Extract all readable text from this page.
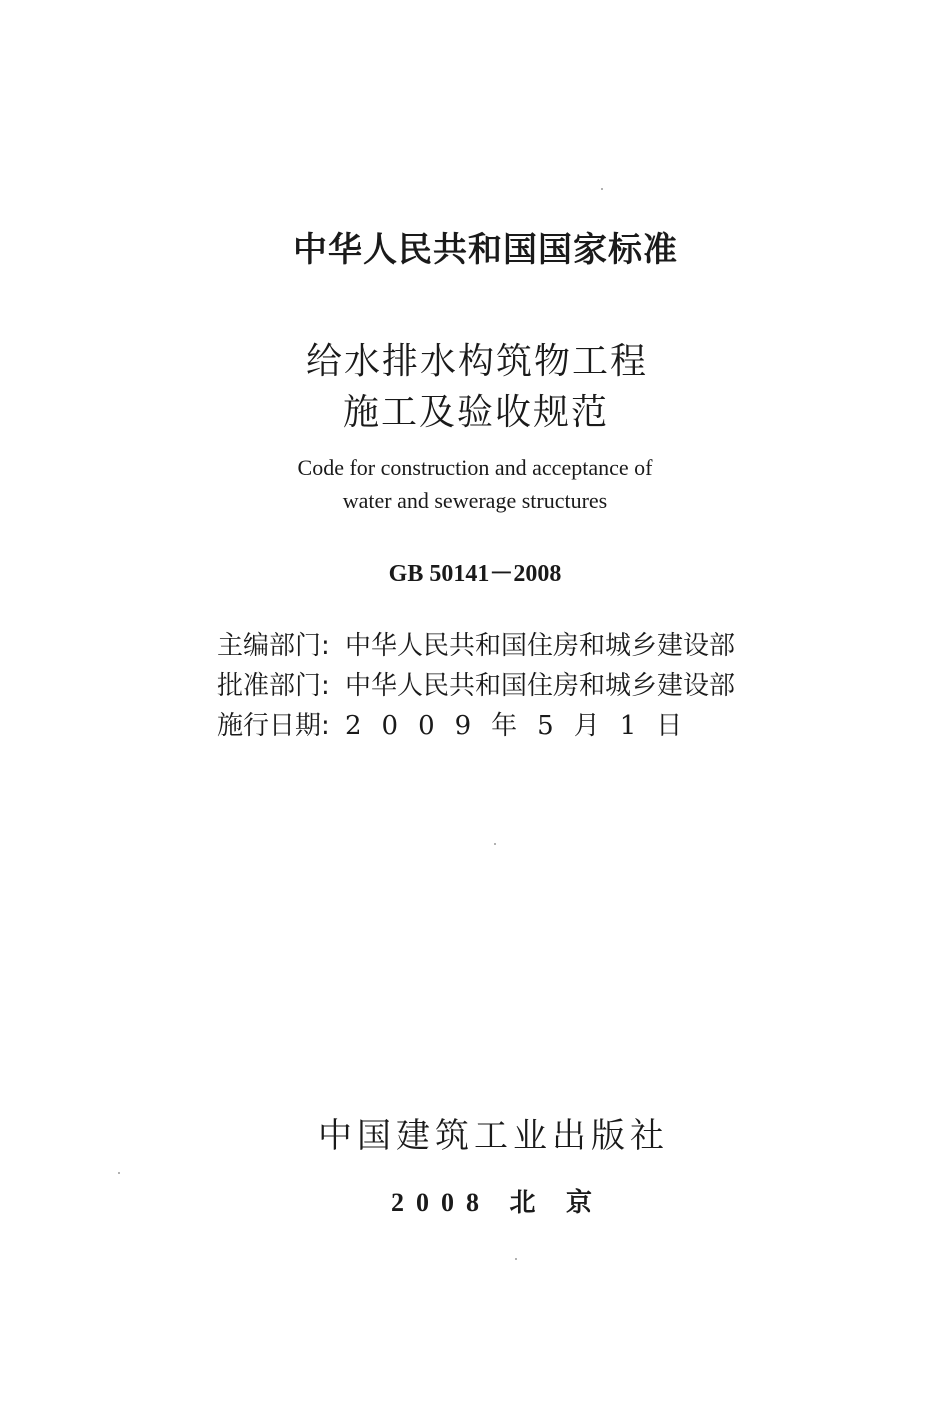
中华人民共和国国家标准
给水排水构筑物工程
施工及验收规范
Code for construction and acceptance of
water and sewerage structures
GB 50141－2008
主编部门: 中华人民共和国住房和城乡建设部
批准部门: 中华人民共和国住房和城乡建设部
施行日期: 2009年5月1日
中国建筑工业出版社
2008 北 京
